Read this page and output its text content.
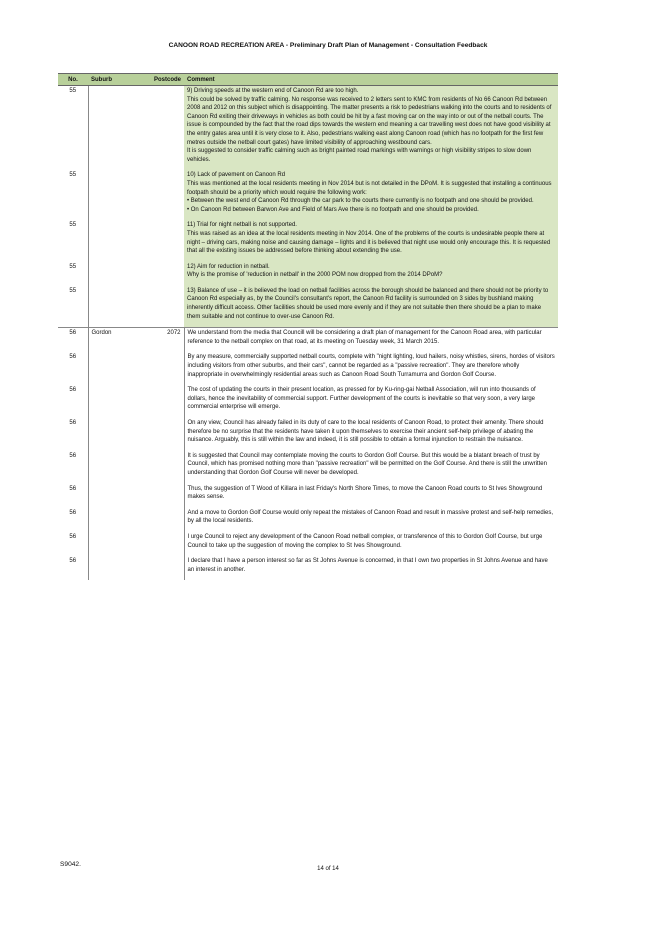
CANOON ROAD RECREATION AREA - Preliminary Draft Plan of Management - Consultation Feedback
No.	Suburb	Postcode	Comment
55			9) Driving speeds at the western end of Canoon Rd are too high.

This could be solved by traffic calming. No response was received to 2 letters sent to KMC from residents of No 66 Canoon Rd between 2008 and 2012 on this subject which is disappointing. The matter presents a risk to pedestrians walking into the courts and to residents of Canoon Rd exiting their driveways in vehicles as both could be hit by a fast moving car on the way into or out of the netball courts. The issue is compounded by the fact that the road dips towards the western end meaning a car travelling west does not have good visibility at the entry gates area until it is very close to it. Also, pedestrians walking east along Canoon road (which has no footpath for the first few metres outside the netball court gates) have limited visibility of approaching westbound cars.

It is suggested to consider traffic calming such as bright painted road markings with warnings or high visibility stripes to slow down vehicles.

55			10) Lack of pavement on Canoon Rd

This was mentioned at the local residents meeting in Nov 2014 but is not detailed in the DPoM. It is suggested that installing a continuous footpath should be a priority which would require the following work:

• Between the west end of Canoon Rd through the car park to the courts there currently is no footpath and one should be provided.

• On Canoon Rd between Barwon Ave and Field of Mars Ave there is no footpath and one should be provided.

55			11) Trial for night netball is not supported.

This was raised as an idea at the local residents meeting in Nov 2014. One of the problems of the courts is undesirable people there at night – driving cars, making noise and causing damage – lights and it is believed that night use would only encourage this. It is requested that all the existing issues be addressed before thinking about extending the use.

55			12) Aim for reduction in netball.

Why is the promise of 'reduction in netball' in the 2000 POM now dropped from the 2014 DPoM?

55			13) Balance of use – it is believed the load on netball facilities across the borough should be balanced and there should not be priority to Canoon Rd especially as, by the Council's consultant's report, the Canoon Rd facility is surrounded on 3 sides by bushland making inherently difficult access. Other facilities should be used more evenly and if they are not suitable then there should be a plan to make them suitable and not continue to over-use Canoon Rd.

56	Gordon	2072	We understand from the media that Councill will be considering a draft plan of management for the Canoon Road area, with particular reference to the netball complex on that road, at its meeting on Tuesday week, 31 March 2015.

56			By any measure, commercially supported netball courts, complete with "night lighting, loud hailers, noisy whistles, sirens, hordes of visitors including visitors from other suburbs, and their cars", cannot be regarded as a "passive recreation". They are therefore wholly inappropriate in overwhelmingly residential areas such as Canoon Road South Turramurra and Gordon Golf Course.

56			The cost of updating the courts in their present location, as pressed for by Ku-ring-gai Netball Association, will run into thousands of dollars, hence the inevitability of commercial support. Further development of the courts is inevitable so that very soon, a very large commercial enterprise will emerge.

56			On any view, Council has already failed in its duty of care to the local residents of Canoon Road, to protect their amenity. There should therefore be no surprise that the residents have taken it upon themselves to exercise their ancient self-help privilege of abating the nuisance. Arguably, this is still within the law and indeed, it is still possible to obtain a formal injunction to restrain the nuisance.

56			It is suggested that Council may contemplate moving the courts to Gordon Golf Course. But this would be a blatant breach of trust by Council, which has promised nothing more than "passive recreation" will be permitted on the Golf Course. And there is still the unwritten understanding that Gordon Golf Course will never be developed.

56			Thus, the suggestion of T Wood of Killara in last Friday's North Shore Times, to move the Canoon Road courts to St Ives Showground makes sense.

56			And a move to Gordon Golf Course would only repeat the mistakes of Canoon Road and result in massive protest and self-help remedies, by all the local residents.

56			I urge Council to reject any development of the Canoon Road netball complex, or transference of this to Gordon Golf Course, but urge Council to take up the suggestion of moving the complex to St Ives Showground.

56			I declare that I have a person interest so far as St Johns Avenue is concerned, in that I own two properties in St Johns Avenue and have an interest in another.

S9042.
14 of 14
